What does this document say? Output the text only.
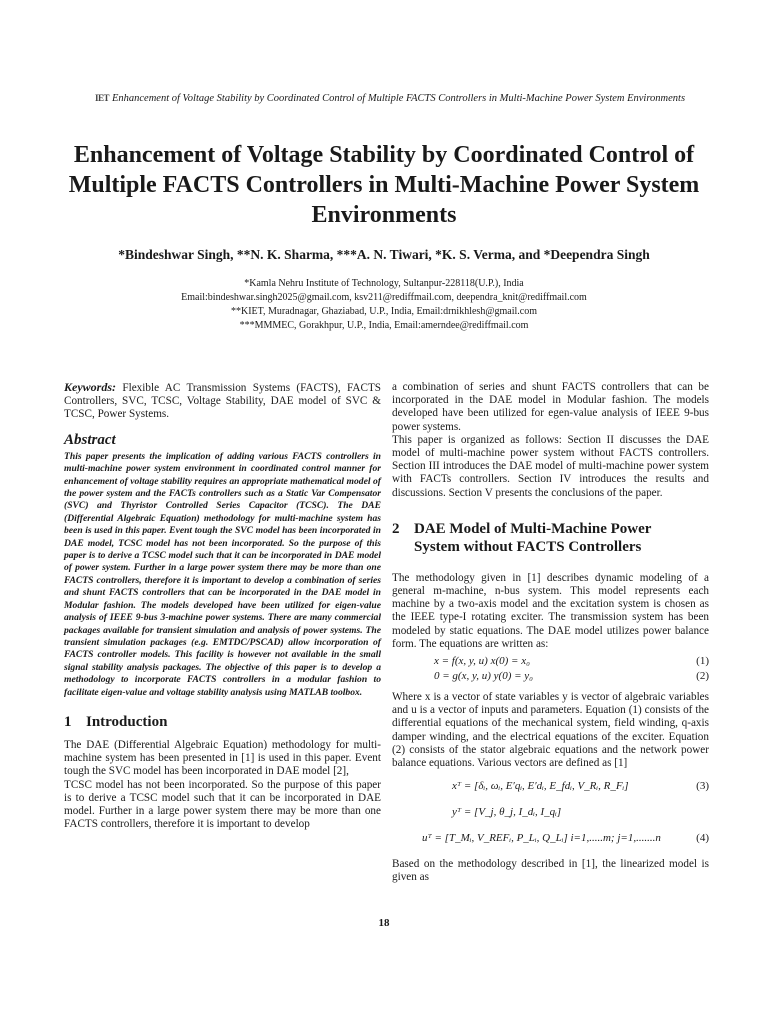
IET Enhancement of Voltage Stability by Coordinated Control of Multiple FACTS Controllers in Multi-Machine Power System Environments
Enhancement of Voltage Stability by Coordinated Control of Multiple FACTS Controllers in Multi-Machine Power System Environments
*Bindeshwar Singh, **N. K. Sharma, ***A. N. Tiwari, *K. S. Verma, and *Deependra Singh
*Kamla Nehru Institute of Technology, Sultanpur-228118(U.P.), India
Email:bindeshwar.singh2025@gmail.com, ksv211@rediffmail.com, deependra_knit@rediffmail.com
**KIET, Muradnagar, Ghaziabad, U.P., India, Email:drnikhlesh@gmail.com
***MMMEC, Gorakhpur, U.P., India, Email:amerndee@rediffmail.com

Keywords: Flexible AC Transmission Systems (FACTS), FACTS Controllers, SVC, TCSC, Voltage Stability, DAE model of SVC & TCSC, Power Systems.

Abstract

This paper presents the implication of adding various FACTS controllers in multi-machine power system environment in coordinated control manner for enhancement of voltage stability requires an appropriate mathematical model of the power system and the FACTs controllers such as a Static Var Compensator (SVC) and Thyristor Controlled Series Capacitor (TCSC). The DAE (Differential Algebraic Equation) methodology for multi-machine system has been is used in this paper. Event tough the SVC model has been incorporated in DAE model, TCSC model has not been incorporated. So the purpose of this paper is to derive a TCSC model such that it can be incorporated in DAE model of power system. Further in a large power system there may be more than one FACTS controllers, therefore it is important to develop a combination of series and shunt FACTS controllers that can be incorporated in the DAE model in Modular fashion. The models developed have been utilized for eigen-value analysis of IEEE 9-bus 3-machine power systems. There are many commercial packages available for transient simulation and analysis of power systems. The transient simulation packages (e.g. EMTDC/PSCAD) allow incorporation of FACTS controller models. This facility is however not available in the small signal stability analysis packages. The objective of this paper is to develop a methodology to incorporate FACTS controllers in a modular fashion to facilitate eigen-value and voltage stability analysis using MATLAB toolbox.

1 Introduction

The DAE (Differential Algebraic Equation) methodology for multi-machine system has been presented in [1] is used in this paper. Event tough the SVC model has been incorporated in DAE model [2],

TCSC model has not been incorporated. So the purpose of this paper is to derive a TCSC model such that it can be incorporated in DAE model. Further in a large power system there may be more than one FACTS controllers, therefore it is important to develop

a combination of series and shunt FACTS controllers that can be incorporated in the DAE model in Modular fashion. The models developed have been utilized for egen-value analysis of IEEE 9-bus power systems.

This paper is organized as follows: Section II discusses the DAE model of multi-machine power system without FACTS controllers. Section III introduces the DAE model of multi-machine power system with FACTs controllers. Section IV introduces the results and discussions. Section V presents the conclusions of the paper.

2 DAE Model of Multi-Machine Power
System without FACTS Controllers

The methodology given in [1] describes dynamic modeling of a general m-machine, n-bus system. This model represents each machine by a two-axis model and the excitation system is chosen as the IEEE type-I rotating exciter. The transmission system has been modeled by static equations. The DAE model utilizes power balance form. The equations are written as:

x = f(x, y, u) x(0) = x₀	(1)
0 = g(x, y, u) y(0) = y₀	(2)

Where x is a vector of state variables y is vector of algebraic variables and u is a vector of inputs and parameters. Equation (1) consists of the differential equations of the mechanical system, field winding, q-axis damper winding, and the electrical equations of the exciter. Equation (2) consists of the stator algebraic equations and the network power balance equations. Various vectors are defined as [1]

xᵀ = [δᵢ, ωᵢ, E′qᵢ, E′dᵢ, E_fdᵢ, V_Rᵢ, R_Fᵢ]	(3)
yᵀ = [V_j, θ_j, I_dᵢ, I_qᵢ]
uᵀ = [T_Mᵢ, V_REFᵢ, P_Lᵢ, Q_Lᵢ] i=1,.....m; j=1,.......n	(4)

Based on the methodology described in [1], the linearized model is given as

18
